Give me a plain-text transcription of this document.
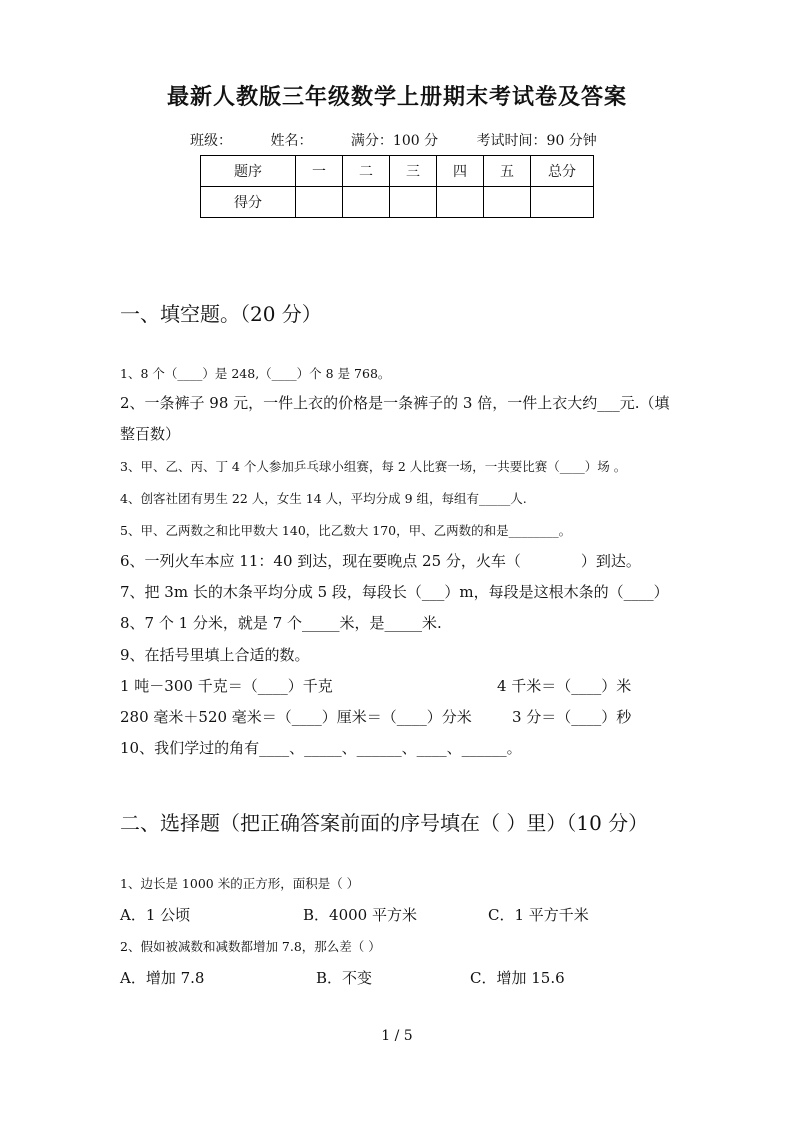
最新人教版三年级数学上册期末考试卷及答案
班级：	姓名：	满分：100 分	考试时间：90 分钟
题序	一	二	三	四	五	总分
得分						
一、填空题。（20 分）
1、8 个（____）是 248,（____）个 8 是 768。
2、一条裤子 98 元，一件上衣的价格是一条裤子的 3 倍，一件上衣大约___元.（填整百数）
3、甲、乙、丙、丁 4 个人参加乒乓球小组赛，每 2 人比赛一场，一共要比赛（____）场 。
4、创客社团有男生 22 人，女生 14 人，平均分成 9 组，每组有_____人.
5、甲、乙两数之和比甲数大 140，比乙数大 170，甲、乙两数的和是________。
6、一列火车本应 11：40 到达，现在要晚点 25 分，火车（　　　　）到达。
7、把 3m 长的木条平均分成 5 段，每段长（___）m，每段是这根木条的（____）
8、7 个 1 分米，就是 7 个_____米，是_____米.
9、在括号里填上合适的数。
1 吨－300 千克＝（____）千克	4 千米＝（____）米
280 毫米＋520 毫米＝（____）厘米＝（____）分米	3 分＝（____）秒
10、我们学过的角有____、_____、______、____、______。
二、选择题（把正确答案前面的序号填在（ ）里）（10 分）
1、边长是 1000 米的正方形，面积是（ ）
A．1 公顷	B．4000 平方米	C．1 平方千米
2、假如被减数和减数都增加 7.8，那么差（ ）
A．增加 7.8	B．不变	C．增加 15.6
1 / 5
